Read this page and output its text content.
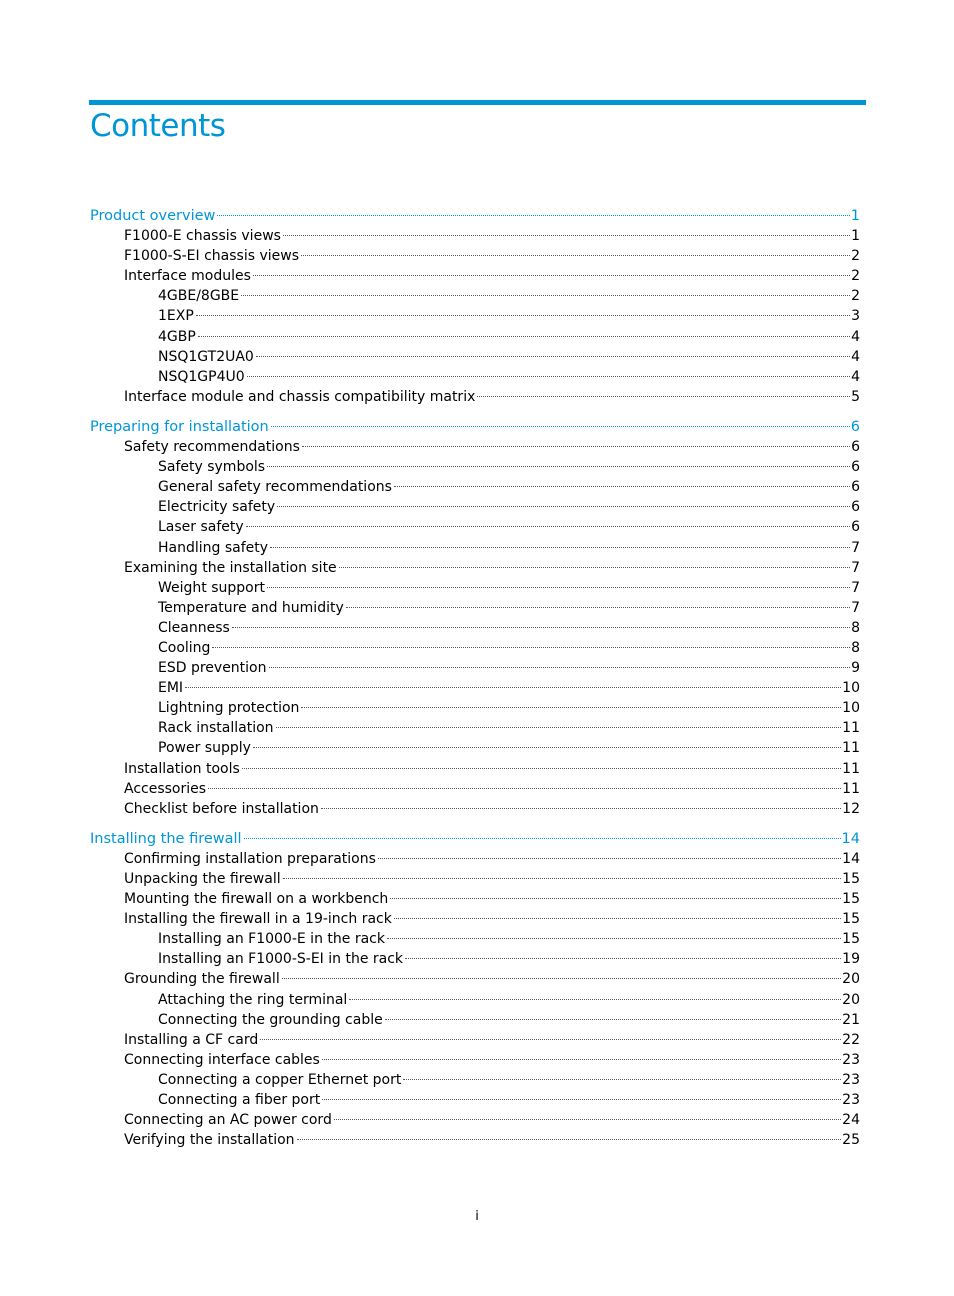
Contents
Product overview	1
F1000-E chassis views	1
F1000-S-EI chassis views	2
Interface modules	2
4GBE/8GBE	2
1EXP	3
4GBP	4
NSQ1GT2UA0	4
NSQ1GP4U0	4
Interface module and chassis compatibility matrix	5
Preparing for installation	6
Safety recommendations	6
Safety symbols	6
General safety recommendations	6
Electricity safety	6
Laser safety	6
Handling safety	7
Examining the installation site	7
Weight support	7
Temperature and humidity	7
Cleanness	8
Cooling	8
ESD prevention	9
EMI	10
Lightning protection	10
Rack installation	11
Power supply	11
Installation tools	11
Accessories	11
Checklist before installation	12
Installing the firewall	14
Confirming installation preparations	14
Unpacking the firewall	15
Mounting the firewall on a workbench	15
Installing the firewall in a 19-inch rack	15
Installing an F1000-E in the rack	15
Installing an F1000-S-EI in the rack	19
Grounding the firewall	20
Attaching the ring terminal	20
Connecting the grounding cable	21
Installing a CF card	22
Connecting interface cables	23
Connecting a copper Ethernet port	23
Connecting a fiber port	23
Connecting an AC power cord	24
Verifying the installation	25
i
